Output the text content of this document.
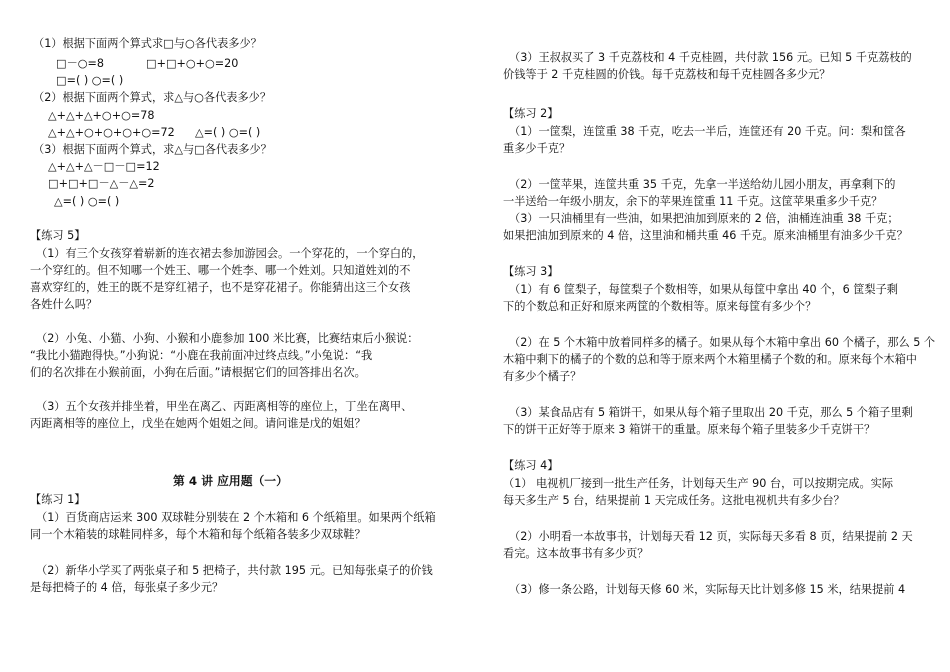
（1）根据下面两个算式求□与○各代表多少？
□－○=8	□+□+○+○=20
□=( ) ○=( )
（2）根据下面两个算式，求△与○各代表多少？
△+△+△+○+○=78
△+△+○+○+○+○=72 △=( ) ○=( )
（3）根据下面两个算式，求△与□各代表多少？
△+△+△－□－□=12
□+□+□－△－△=2
△=( ) ○=( )
【练习 5】
（1）有三个女孩穿着崭新的连衣裙去参加游园会。一个穿花的，一个穿白的，
一个穿红的。但不知哪一个姓王、哪一个姓李、哪一个姓刘。只知道姓刘的不
喜欢穿红的，姓王的既不是穿红裙子，也不是穿花裙子。你能猜出这三个女孩
各姓什么吗？
（2）小兔、小猫、小狗、小猴和小鹿参加 100 米比赛，比赛结束后小猴说：
“我比小猫跑得快。”小狗说：“小鹿在我前面冲过终点线。”小兔说：“我
们的名次排在小猴前面，小狗在后面。”请根据它们的回答排出名次。
（3）五个女孩并排坐着，甲坐在离乙、丙距离相等的座位上，丁坐在离甲、
丙距离相等的座位上，戊坐在她两个姐姐之间。请问谁是戊的姐姐？
第 4 讲 应用题（一）
【练习 1】
（1）百货商店运来 300 双球鞋分别装在 2 个木箱和 6 个纸箱里。如果两个纸箱
同一个木箱装的球鞋同样多，每个木箱和每个纸箱各装多少双球鞋？
（2）新华小学买了两张桌子和 5 把椅子，共付款 195 元。已知每张桌子的价钱
是每把椅子的 4 倍，每张桌子多少元？
（3）王叔叔买了 3 千克荔枝和 4 千克桂圆，共付款 156 元。已知 5 千克荔枝的
价钱等于 2 千克桂圆的价钱。每千克荔枝和每千克桂圆各多少元？
【练习 2】
（1）一筐梨，连筐重 38 千克，吃去一半后，连筐还有 20 千克。问：梨和筐各
重多少千克？
（2）一筐苹果，连筐共重 35 千克，先拿一半送给幼儿园小朋友，再拿剩下的
一半送给一年级小朋友，余下的苹果连筐重 11 千克。这筐苹果重多少千克？
（3）一只油桶里有一些油，如果把油加到原来的 2 倍，油桶连油重 38 千克；
如果把油加到原来的 4 倍，这里油和桶共重 46 千克。原来油桶里有油多少千克？
【练习 3】
（1）有 6 筐梨子，每筐梨子个数相等，如果从每筐中拿出 40 个，6 筐梨子剩
下的个数总和正好和原来两筐的个数相等。原来每筐有多少个？
（2）在 5 个木箱中放着同样多的橘子。如果从每个木箱中拿出 60 个橘子，那么 5 个
木箱中剩下的橘子的个数的总和等于原来两个木箱里橘子个数的和。原来每个木箱中
有多少个橘子？
（3）某食品店有 5 箱饼干，如果从每个箱子里取出 20 千克，那么 5 个箱子里剩
下的饼干正好等于原来 3 箱饼干的重量。原来每个箱子里装多少千克饼干？
【练习 4】
（1） 电视机厂接到一批生产任务，计划每天生产 90 台，可以按期完成。实际
每天多生产 5 台，结果提前 1 天完成任务。这批电视机共有多少台？
（2）小明看一本故事书，计划每天看 12 页，实际每天多看 8 页，结果提前 2 天
看完。这本故事书有多少页？
（3）修一条公路，计划每天修 60 米，实际每天比计划多修 15 米，结果提前 4
